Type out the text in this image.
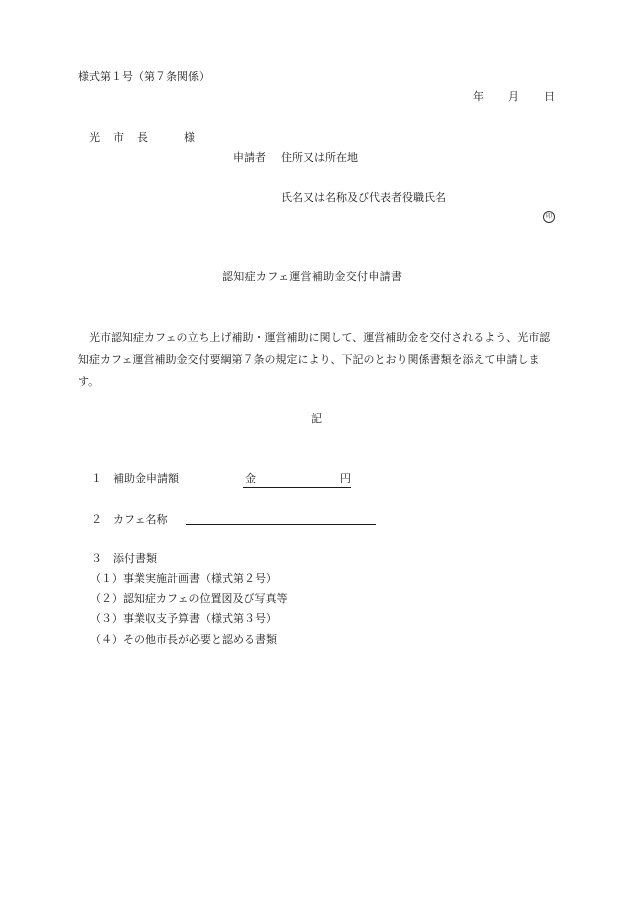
様式第１号（第７条関係）
年 月 日
光　市　長	様
申請者 住所又は所在地
氏名又は名称及び代表者役職氏名
印
認知症カフェ運営補助金交付申請書
光市認知症カフェの立ち上げ補助・運営補助に関して、運営補助金を交付されるよう、光市認知症カフェ運営補助金交付要綱第７条の規定により、下記のとおり関係書類を添えて申請します。
記
１ 補助金申請額	金	円
２ カフェ名称
３ 添付書類
（１）事業実施計画書（様式第２号）
（２）認知症カフェの位置図及び写真等
（３）事業収支予算書（様式第３号）
（４）その他市長が必要と認める書類
